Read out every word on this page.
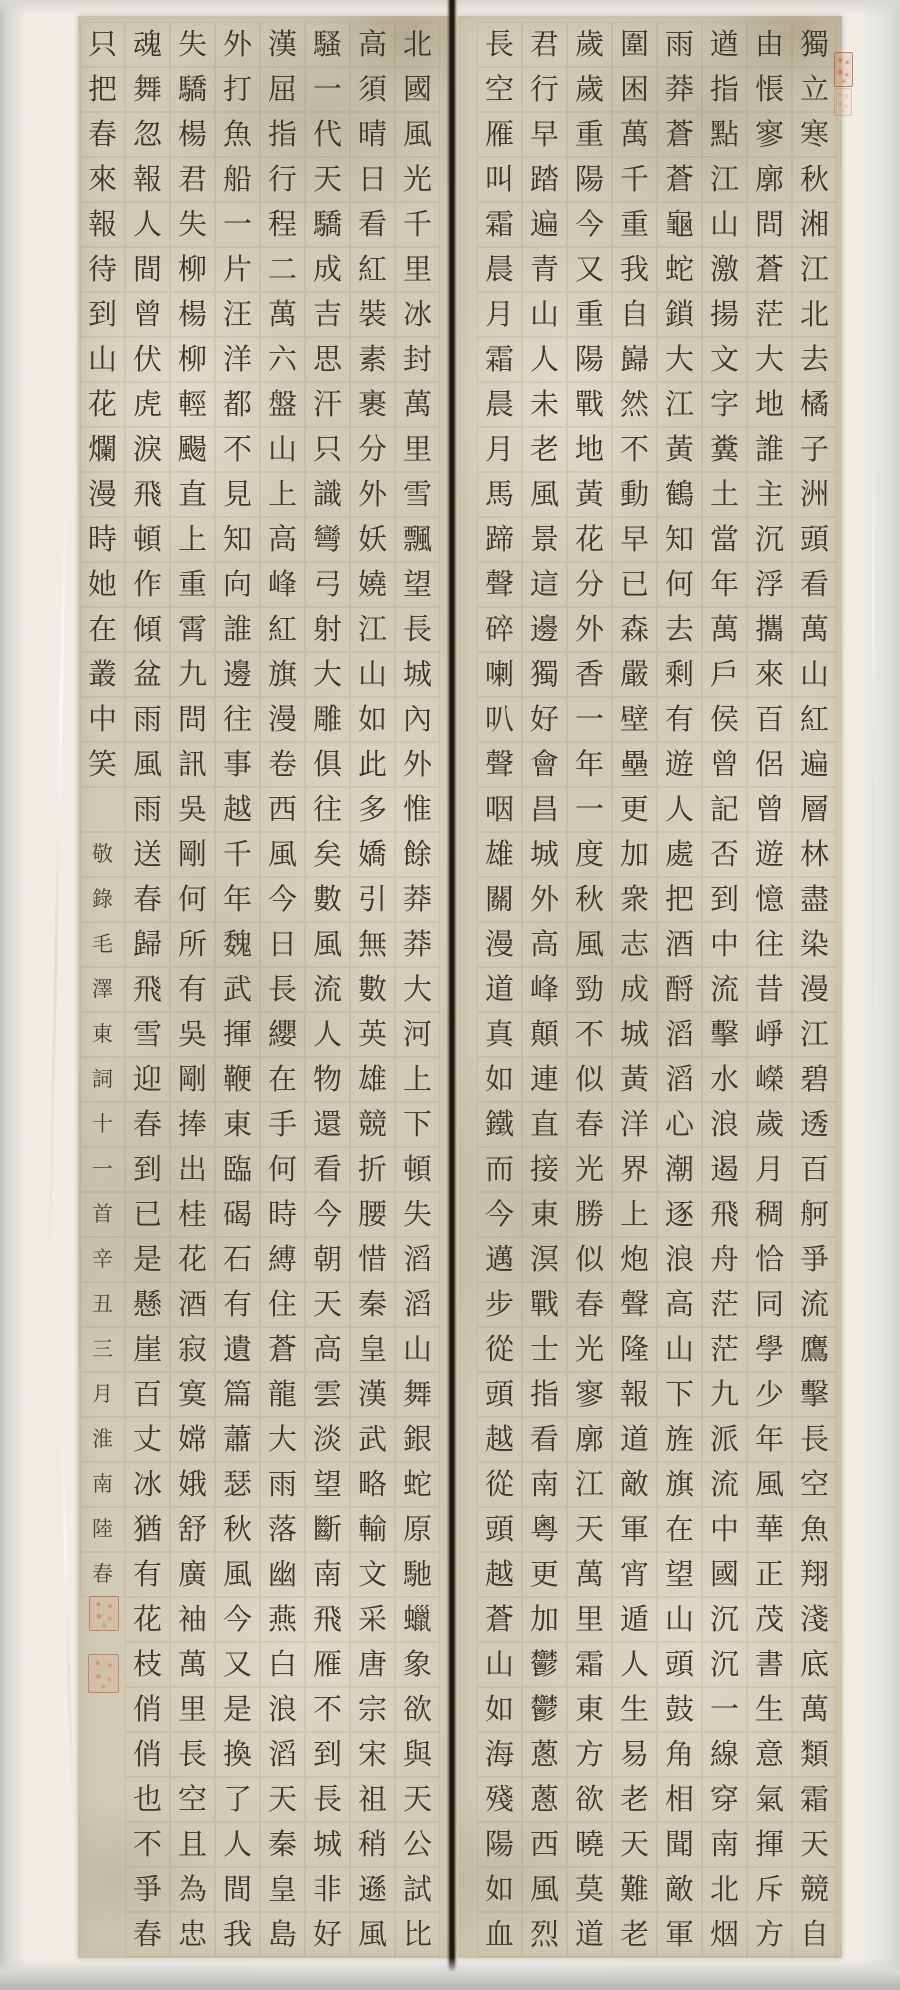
北
國
風
光
千
里
冰
封
萬
里
雪
飄
望
長
城
內
外
惟
餘
莽
莽
大
河
上
下
頓
失
滔
滔
山
舞
銀
蛇
原
馳
蠟
象
欲
與
天
公
試
比
高
須
晴
日
看
紅
裝
素
裹
分
外
妖
嬈
江
山
如
此
多
嬌
引
無
數
英
雄
競
折
腰
惜
秦
皇
漢
武
略
輸
文
采
唐
宗
宋
祖
稍
遜
風
騷
一
代
天
驕
成
吉
思
汗
只
識
彎
弓
射
大
雕
俱
往
矣
數
風
流
人
物
還
看
今
朝
天
高
雲
淡
望
斷
南
飛
雁
不
到
長
城
非
好
漢
屈
指
行
程
二
萬
六
盤
山
上
高
峰
紅
旗
漫
卷
西
風
今
日
長
纓
在
手
何
時
縛
住
蒼
龍
大
雨
落
幽
燕
白
浪
滔
天
秦
皇
島
外
打
魚
船
一
片
汪
洋
都
不
見
知
向
誰
邊
往
事
越
千
年
魏
武
揮
鞭
東
臨
碣
石
有
遺
篇
蕭
瑟
秋
風
今
又
是
換
了
人
間
我
失
驕
楊
君
失
柳
楊
柳
輕
颺
直
上
重
霄
九
問
訊
吳
剛
何
所
有
吳
剛
捧
出
桂
花
酒
寂
寞
嫦
娥
舒
廣
袖
萬
里
長
空
且
為
忠
魂
舞
忽
報
人
間
曾
伏
虎
淚
飛
頓
作
傾
盆
雨
風
雨
送
春
歸
飛
雪
迎
春
到
已
是
懸
崖
百
丈
冰
猶
有
花
枝
俏
俏
也
不
爭
春
只
把
春
來
報
待
到
山
花
爛
漫
時
她
在
叢
中
笑
敬
錄
毛
澤
東
詞
十
一
首
辛
丑
三
月
淮
南
陸
春
獨
立
寒
秋
湘
江
北
去
橘
子
洲
頭
看
萬
山
紅
遍
層
林
盡
染
漫
江
碧
透
百
舸
爭
流
鷹
擊
長
空
魚
翔
淺
底
萬
類
霜
天
競
自
由
悵
寥
廓
問
蒼
茫
大
地
誰
主
沉
浮
攜
來
百
侶
曾
遊
憶
往
昔
崢
嶸
歲
月
稠
恰
同
學
少
年
風
華
正
茂
書
生
意
氣
揮
斥
方
遒
指
點
江
山
激
揚
文
字
糞
土
當
年
萬
戶
侯
曾
記
否
到
中
流
擊
水
浪
遏
飛
舟
茫
茫
九
派
流
中
國
沉
沉
一
線
穿
南
北
烟
雨
莽
蒼
蒼
龜
蛇
鎖
大
江
黃
鶴
知
何
去
剩
有
遊
人
處
把
酒
酹
滔
滔
心
潮
逐
浪
高
山
下
旌
旗
在
望
山
頭
鼓
角
相
聞
敵
軍
圍
困
萬
千
重
我
自
巋
然
不
動
早
已
森
嚴
壁
壘
更
加
衆
志
成
城
黃
洋
界
上
炮
聲
隆
報
道
敵
軍
宵
遁
人
生
易
老
天
難
老
歲
歲
重
陽
今
又
重
陽
戰
地
黃
花
分
外
香
一
年
一
度
秋
風
勁
不
似
春
光
勝
似
春
光
寥
廓
江
天
萬
里
霜
東
方
欲
曉
莫
道
君
行
早
踏
遍
青
山
人
未
老
風
景
這
邊
獨
好
會
昌
城
外
高
峰
顛
連
直
接
東
溟
戰
士
指
看
南
粵
更
加
鬱
鬱
蔥
蔥
西
風
烈
長
空
雁
叫
霜
晨
月
霜
晨
月
馬
蹄
聲
碎
喇
叭
聲
咽
雄
關
漫
道
真
如
鐵
而
今
邁
步
從
頭
越
從
頭
越
蒼
山
如
海
殘
陽
如
血
